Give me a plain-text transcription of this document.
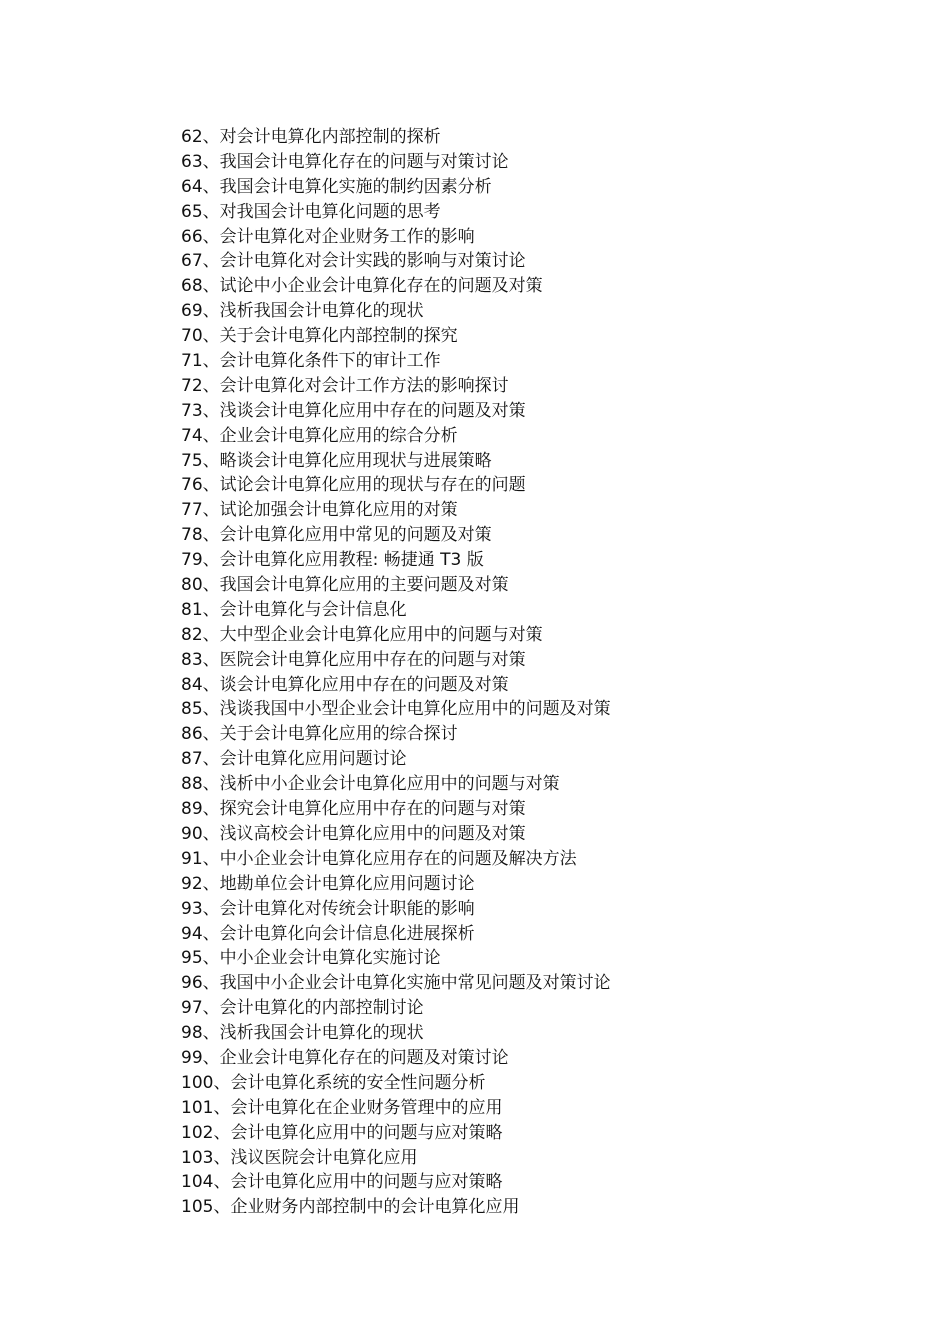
62、对会计电算化内部控制的探析
63、我国会计电算化存在的问题与对策讨论
64、我国会计电算化实施的制约因素分析
65、对我国会计电算化问题的思考
66、会计电算化对企业财务工作的影响
67、会计电算化对会计实践的影响与对策讨论
68、试论中小企业会计电算化存在的问题及对策
69、浅析我国会计电算化的现状
70、关于会计电算化内部控制的探究
71、会计电算化条件下的审计工作
72、会计电算化对会计工作方法的影响探讨
73、浅谈会计电算化应用中存在的问题及对策
74、企业会计电算化应用的综合分析
75、略谈会计电算化应用现状与进展策略
76、试论会计电算化应用的现状与存在的问题
77、试论加强会计电算化应用的对策
78、会计电算化应用中常见的问题及对策
79、会计电算化应用教程: 畅捷通 T3 版
80、我国会计电算化应用的主要问题及对策
81、会计电算化与会计信息化
82、大中型企业会计电算化应用中的问题与对策
83、医院会计电算化应用中存在的问题与对策
84、谈会计电算化应用中存在的问题及对策
85、浅谈我国中小型企业会计电算化应用中的问题及对策
86、关于会计电算化应用的综合探讨
87、会计电算化应用问题讨论
88、浅析中小企业会计电算化应用中的问题与对策
89、探究会计电算化应用中存在的问题与对策
90、浅议高校会计电算化应用中的问题及对策
91、中小企业会计电算化应用存在的问题及解决方法
92、地勘单位会计电算化应用问题讨论
93、会计电算化对传统会计职能的影响
94、会计电算化向会计信息化进展探析
95、中小企业会计电算化实施讨论
96、我国中小企业会计电算化实施中常见问题及对策讨论
97、会计电算化的内部控制讨论
98、浅析我国会计电算化的现状
99、企业会计电算化存在的问题及对策讨论
100、会计电算化系统的安全性问题分析
101、会计电算化在企业财务管理中的应用
102、会计电算化应用中的问题与应对策略
103、浅议医院会计电算化应用
104、会计电算化应用中的问题与应对策略
105、企业财务内部控制中的会计电算化应用
